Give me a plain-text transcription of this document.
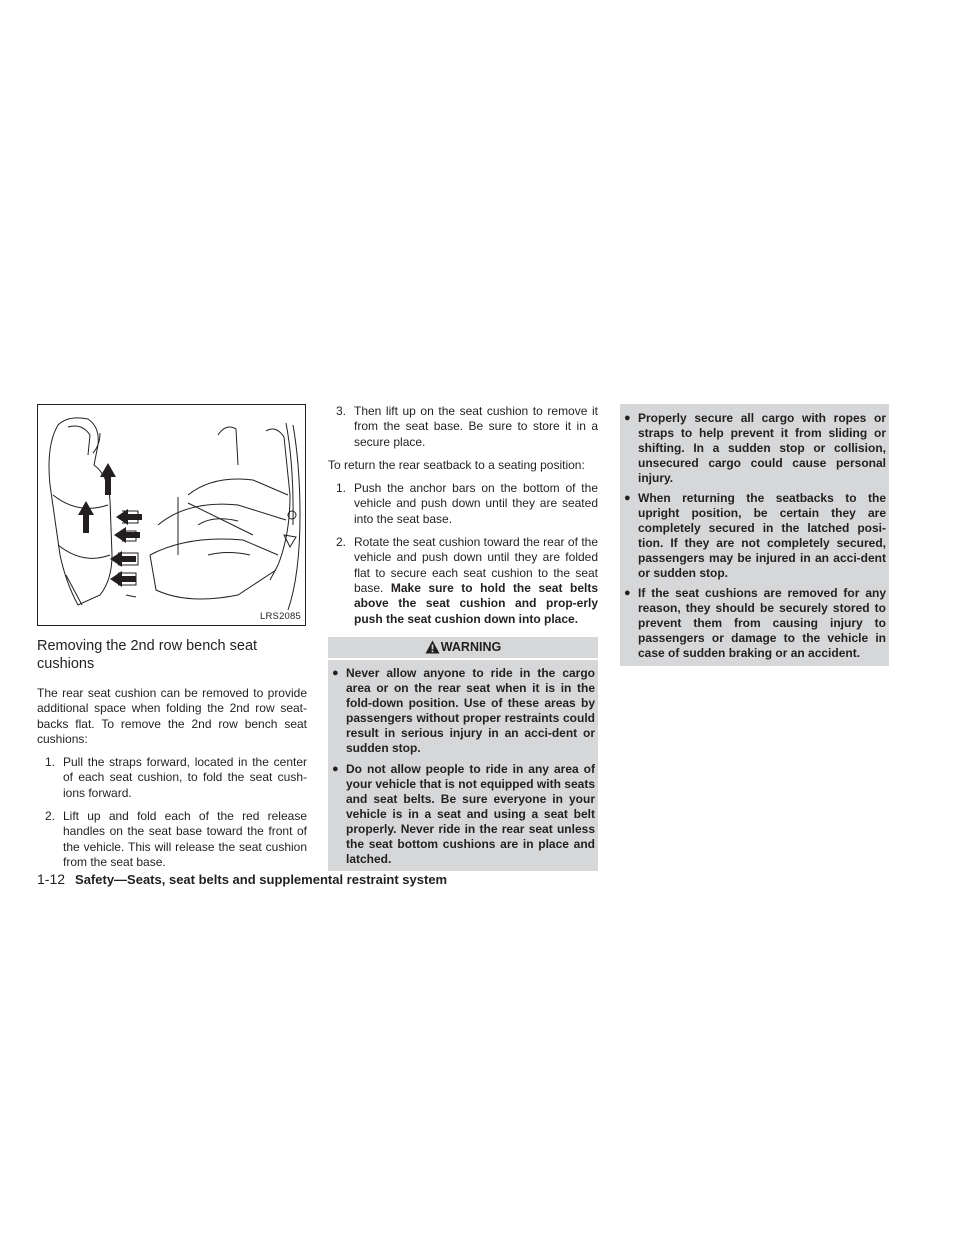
LRS2085
Removing the 2nd row bench seat cushions

The rear seat cushion can be removed to provide additional space when folding the 2nd row seat-backs flat. To remove the 2nd row bench seat cushions:

1. Pull the straps forward, located in the center of each seat cushion, to fold the seat cush-ions forward.
2. Lift up and fold each of the red release handles on the seat base toward the front of the vehicle. This will release the seat cushion from the seat base.
3. Then lift up on the seat cushion to remove it from the seat base. Be sure to store it in a secure place.

To return the rear seatback to a seating position:

1. Push the anchor bars on the bottom of the vehicle and push down until they are seated into the seat base.
2. Rotate the seat cushion toward the rear of the vehicle and push down until they are folded flat to secure each seat cushion to the seat base. Make sure to hold the seat belts above the seat cushion and prop-erly push the seat cushion down into place.
WARNING
● Never allow anyone to ride in the cargo area or on the rear seat when it is in the fold-down position. Use of these areas by passengers without proper restraints could result in serious injury in an acci-dent or sudden stop.
● Do not allow people to ride in any area of your vehicle that is not equipped with seats and seat belts. Be sure everyone in your vehicle is in a seat and using a seat belt properly. Never ride in the rear seat unless the seat bottom cushions are in place and latched.
● Properly secure all cargo with ropes or straps to help prevent it from sliding or shifting. In a sudden stop or collision, unsecured cargo could cause personal injury.
● When returning the seatbacks to the upright position, be certain they are completely secured in the latched posi-tion. If they are not completely secured, passengers may be injured in an acci-dent or sudden stop.
● If the seat cushions are removed for any reason, they should be securely stored to prevent them from causing injury to passengers or damage to the vehicle in case of sudden braking or an accident.
1-12 Safety—Seats, seat belts and supplemental restraint system
